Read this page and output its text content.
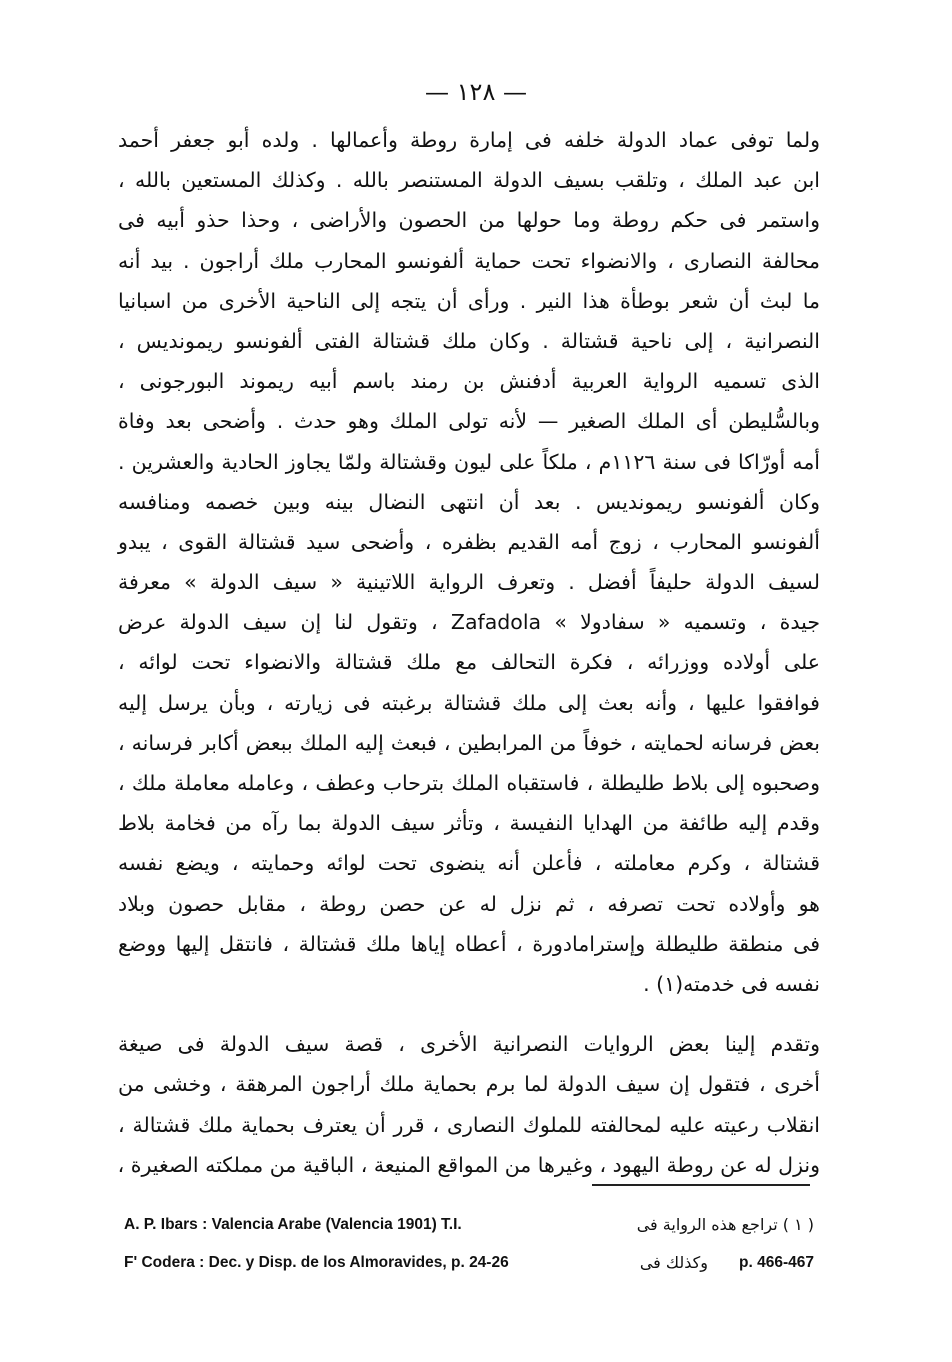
— ١٢٨ —
ولما توفى عماد الدولة خلفه فى إمارة روطة وأعمالها . ولده أبو جعفر أحمد
ابن عبد الملك ، وتلقب بسيف الدولة المستنصر بالله . وكذلك المستعين بالله ،
واستمر فى حكم روطة وما حولها من الحصون والأراضى ، وحذا حذو أبيه فى
محالفة النصارى ، والانضواء تحت حماية ألفونسو المحارب ملك أراجون . بيد أنه
ما لبث أن شعر بوطأة هذا النير . ورأى أن يتجه إلى الناحية الأخرى من اسبانيا
النصرانية ، إلى ناحية قشتالة . وكان ملك قشتالة الفتى ألفونسو ريموندیس ،
الذى تسميه الرواية العربية أدفنش بن رمند باسم أبيه ريموند البورجونى ،
وبالسُّليطن أى الملك الصغير — لأنه تولى الملك وهو حدث . وأضحى بعد وفاة
أمه أورّاكا فى سنة ١١٢٦م ، ملكاً على ليون وقشتالة ولمّا يجاوز الحادية والعشرين .
وكان ألفونسو ريموندیس . بعد أن انتهى النضال بينه وبين خصمه ومنافسه
ألفونسو المحارب ، زوج أمه القديم بظفره ، وأضحى سيد قشتالة القوى ، يبدو
لسيف الدولة حليفاً أفضل . وتعرف الرواية اللاتينية « سيف الدولة » معرفة
جيدة ، وتسميه « سفادولا » Zafadola ، وتقول لنا إن سيف الدولة عرض
على أولاده ووزرائه ، فكرة التحالف مع ملك قشتالة والانضواء تحت لوائه ،
فوافقوا عليها ، وأنه بعث إلى ملك قشتالة برغبته فى زيارته ، وبأن يرسل إليه
بعض فرسانه لحمايته ، خوفاً من المرابطين ، فبعث إليه الملك ببعض أكابر فرسانه ،
وصحبوه إلى بلاط طليطلة ، فاستقباه الملك بترحاب وعطف ، وعامله معاملة ملك ،
وقدم إليه طائفة من الهدايا النفيسة ، وتأثر سيف الدولة بما رآه من فخامة بلاط
قشتالة ، وكرم معاملته ، فأعلن أنه ينضوى تحت لوائه وحمايته ، ويضع نفسه
هو وأولاده تحت تصرفه ، ثم نزل له عن حصن روطة ، مقابل حصون وبلاد
فى منطقة طليطلة وإسترامادورة ، أعطاه إياها ملك قشتالة ، فانتقل إليها ووضع
نفسه فى خدمته(١) .
وتقدم إلينا بعض الروايات النصرانية الأخرى ، قصة سيف الدولة فى صيغة
أخرى ، فتقول إن سيف الدولة لما برم بحماية ملك أراجون المرهقة ، وخشى من
انقلاب رعيته عليه لمحالفته للملوك النصارى ، قرر أن يعترف بحماية ملك قشتالة ،
ونزل له عن روطة اليهود ، وغيرها من المواقع المنيعة ، الباقية من مملكته الصغيرة ،
A. P. Ibars : Valencia Arabe (Valencia 1901) T.I.	( ١ ) تراجع هذه الرواية فى
F' Codera : Dec. y Disp. de los Almoravides, p. 24-26	وكذلك فى p. 466-467
